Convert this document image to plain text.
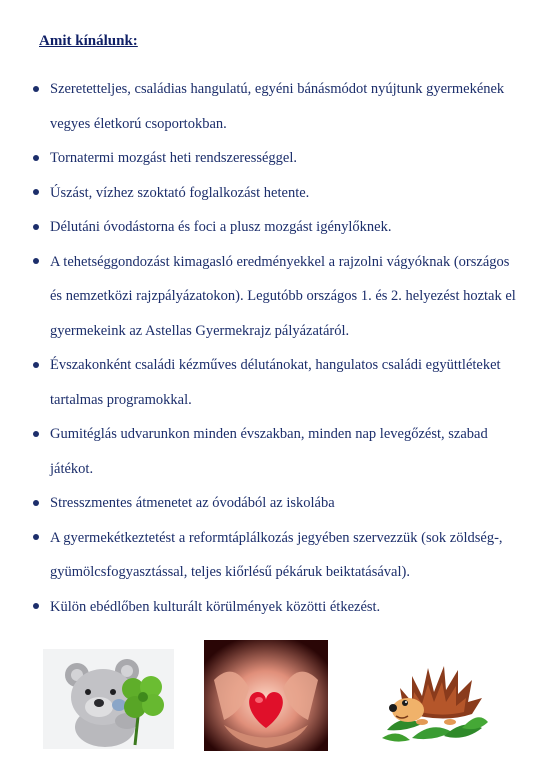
Amit kínálunk:
Szeretetteljes, családias hangulatú, egyéni bánásmódot nyújtunk gyermekének
vegyes életkorú csoportokban.
Tornatermi mozgást heti rendszerességgel.
Úszást, vízhez szoktató foglalkozást hetente.
Délutáni óvodástorna és foci a plusz mozgást igénylőknek.
A tehetséggondozást kimagasló eredményekkel a rajzolni vágyóknak (országos
és nemzetközi rajzpályázatokon). Legutóbb országos 1. és 2. helyezést hoztak el
gyermekeink az Astellas Gyermekrajz pályázatáról.
Évszakonként családi kézműves délutánokat, hangulatos családi együttléteket
tartalmas programokkal.
Gumitéglás udvarunkon minden évszakban, minden nap levegőzést, szabad
játékot.
Stresszmentes átmenetet az óvodából az iskolába
A gyermekétkeztetést a reformtáplálkozás jegyében szervezzük (sok zöldség-,
gyümölcsfogyasztással, teljes kiőrlésű pékáruk beiktatásával).
Külön ebédlőben kulturált körülmények közötti étkezést.
